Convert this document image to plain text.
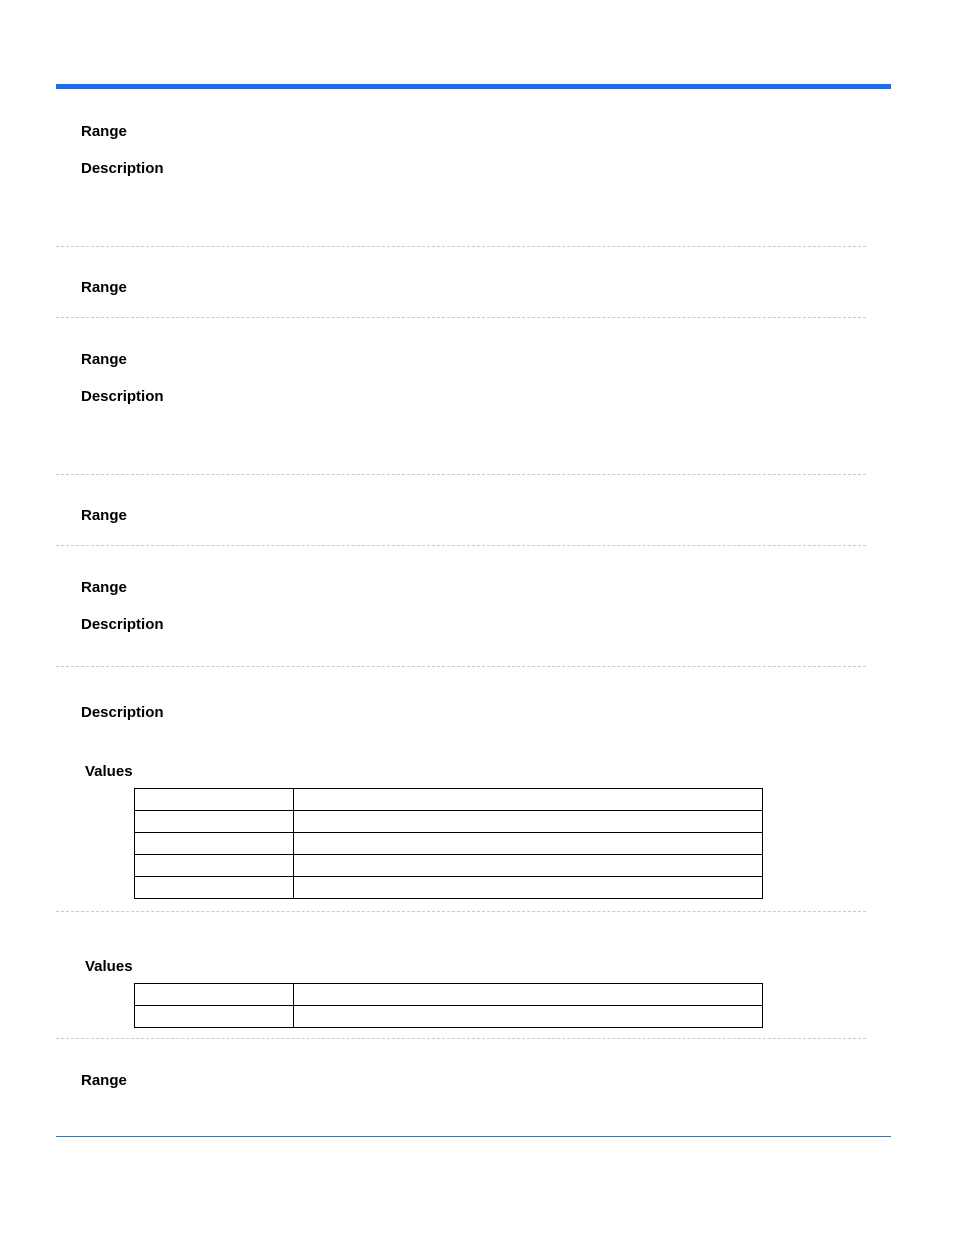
Range
Description
Range
Range
Description
Range
Range
Description
Description
Values

Values

Range
